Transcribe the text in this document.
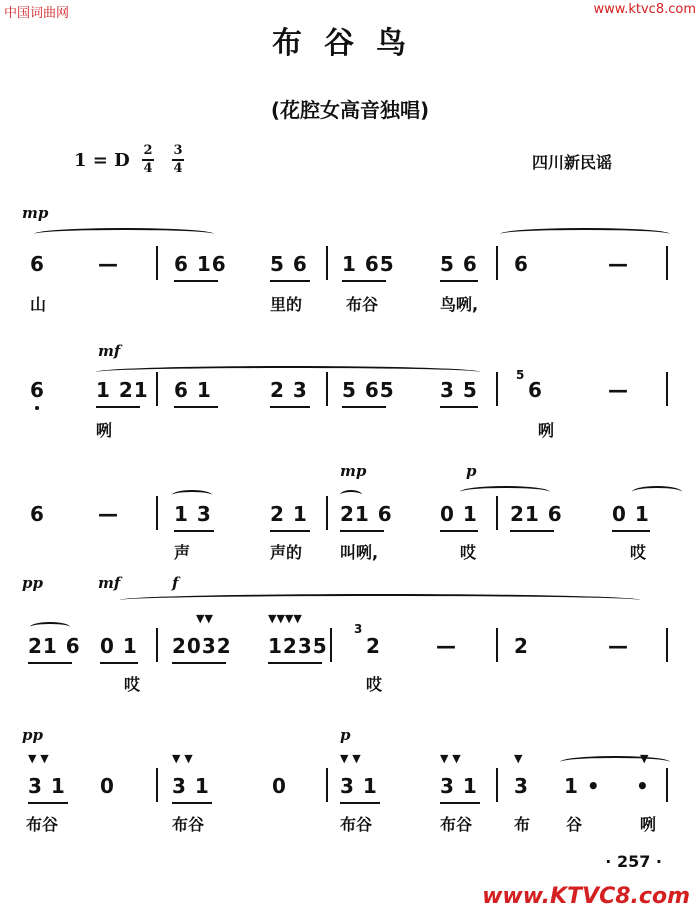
中国词曲网	www.ktvc8.com
布谷鸟
(花腔女高音独唱)
1 = D 2
4
3
4	四川新民谣
mp
6	—	6 16 5 6 1 65 5 6 6	—
山	里的	布谷	鸟咧,
mf
6	1 21 6 1	2 3 5 65 3 5
5
6	—
咧	咧
mp	p
6	—	1 3	2 1 21 6 0 1 21 6 0 1
声	声的 叫咧,	哎	哎
pp	mf	f
▼▼	▼▼▼▼
21 6 0 1 2032 1235
3
2	—	2	—
哎	哎
pp	p
▼ ▼	▼ ▼	▼ ▼	▼ ▼	▼	▼
3 1 0	3 1	0	3 1	3 1 3 1 • •
布谷	布谷	布谷	布谷	布 谷	咧
· 257 ·
www.KTVC8.com
